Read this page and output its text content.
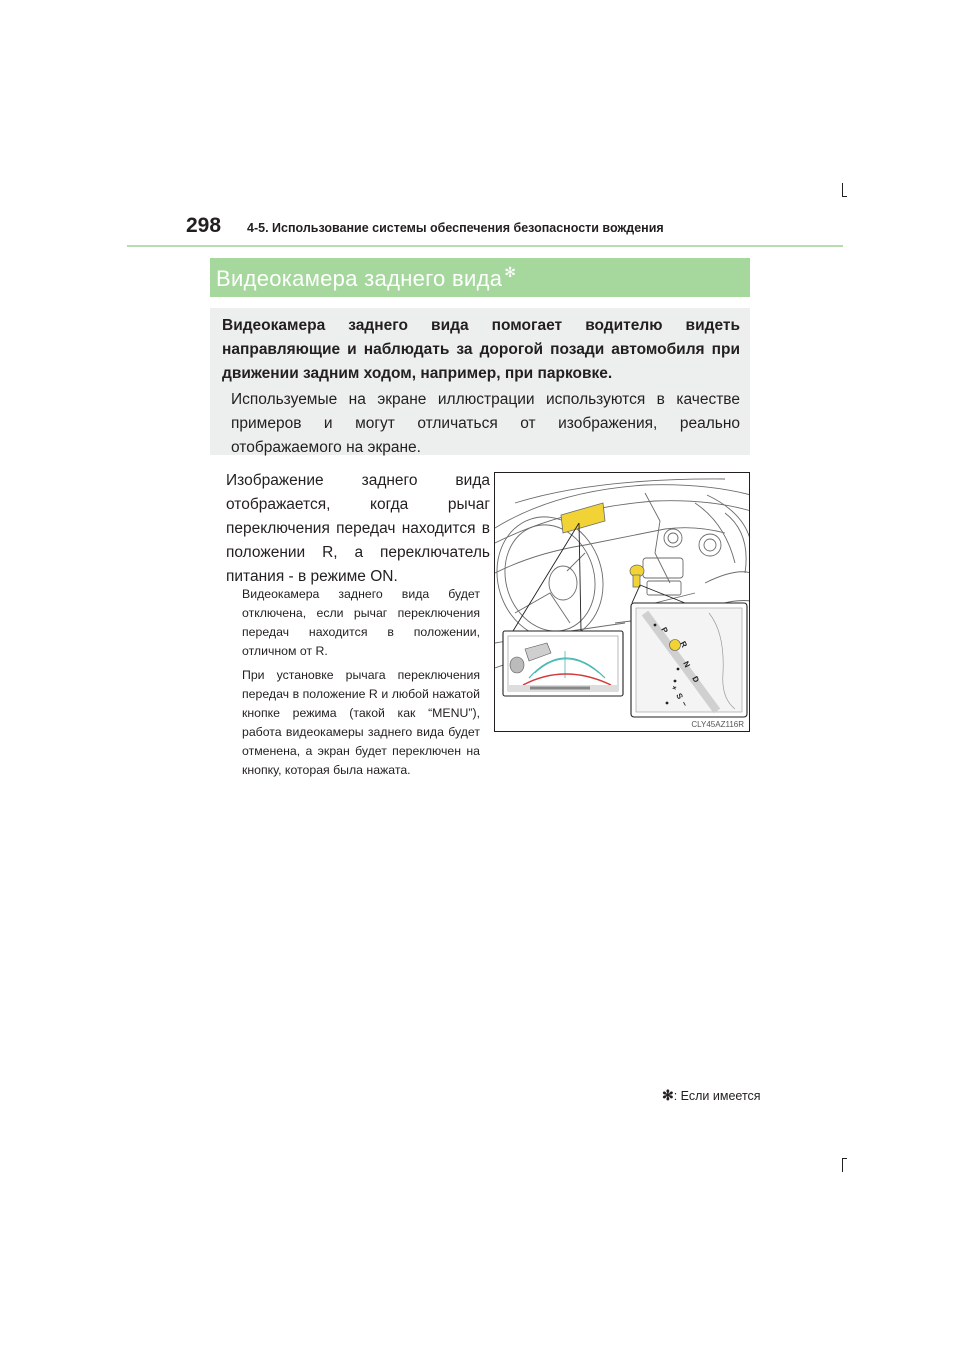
298 4-5. Использование системы обеспечения безопасности вождения
Видеокамера заднего вида ✻
Видеокамера заднего вида помогает водителю видеть направляющие и наблюдать за дорогой позади автомобиля при движении задним ходом, например, при парковке.
Используемые на экране иллюстрации используются в качестве примеров и могут отличаться от изображения, реально отображаемого на экране.
Изображение заднего вида отображается, когда рычаг переключения передач находится в положении R, а переключатель питания - в режиме ON.
Видеокамера заднего вида будет отключена, если рычаг переключения передач находится в положении, отличном от R.
При установке рычага переключения передач в положение R и любой нажатой кнопке режима (такой как “MENU”), работа видеокамеры заднего вида будет отменена, а экран будет переключен на кнопку, которая была нажата.
P
R
N
D
+
S
−
CLY45AZ116R
✻: Если имеется
